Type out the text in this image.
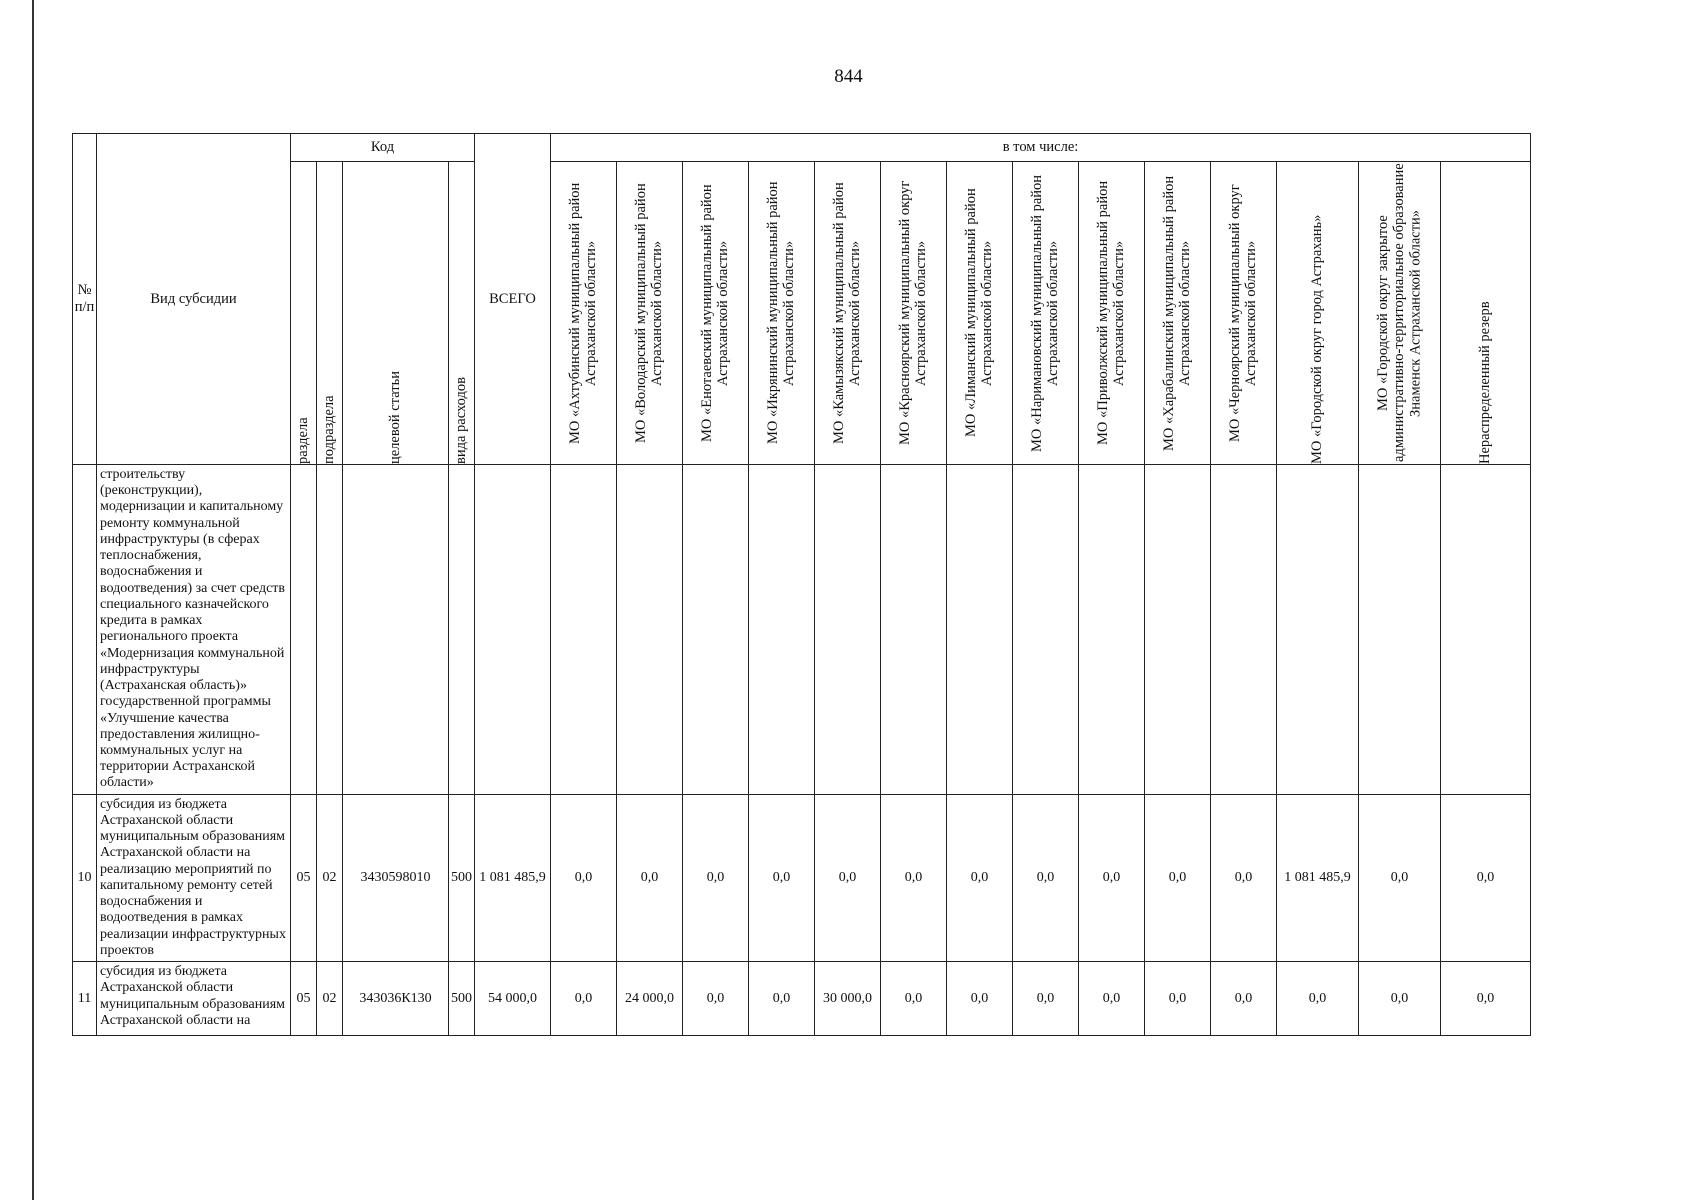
844
№ п/п	Вид субсидии	Код				ВСЕГО	в том числе:													

раздела	подраздела	целевой статьи	вида расходов		МО «Ахтубинский муниципальный район Астраханской области»	МО «Володарский муниципальный район Астраханской области»	МО «Енотаевский муниципальный район Астраханской области»	МО «Икрянинский муниципальный район Астраханской области»	МО «Камызякский муниципальный район Астраханской области»	МО «Красноярский муниципальный округ Астраханской области»	МО «Лиманский муниципальный район Астраханской области»	МО «Наримановский муниципальный район Астраханской области»	МО «Приволжский муниципальный район Астраханской области»	МО «Харабалинский муниципальный район Астраханской области»	МО «Черноярский муниципальный округ Астраханской области»	МО «Городской округ город Астрахань»	МО «Городской округ закрытое административно-территориальное образование Знаменск Астраханской области»	Нераспределенный резерв

	строительству (реконструкции), модернизации и капитальному ремонту коммунальной инфраструктуры (в сферах теплоснабжения, водоснабжения и водоотведения) за счет средств специального казначейского кредита в рамках регионального проекта «Модернизация коммунальной инфраструктуры (Астраханская область)» государственной программы «Улучшение качества предоставления жилищно-коммунальных услуг на территории Астраханской области»																			
10	субсидия из бюджета Астраханской области муниципальным образованиям Астраханской области на реализацию мероприятий по капитальному ремонту сетей водоснабжения и водоотведения в рамках реализации инфраструктурных проектов	05	02	3430598010	500	1 081 485,9	0,0	0,0	0,0	0,0	0,0	0,0	0,0	0,0	0,0	0,0	0,0	1 081 485,9	0,0	0,0
11	субсидия из бюджета Астраханской области муниципальным образованиям Астраханской области на	05	02	343036К130	500	54 000,0	0,0	24 000,0	0,0	0,0	30 000,0	0,0	0,0	0,0	0,0	0,0	0,0	0,0	0,0	0,0
